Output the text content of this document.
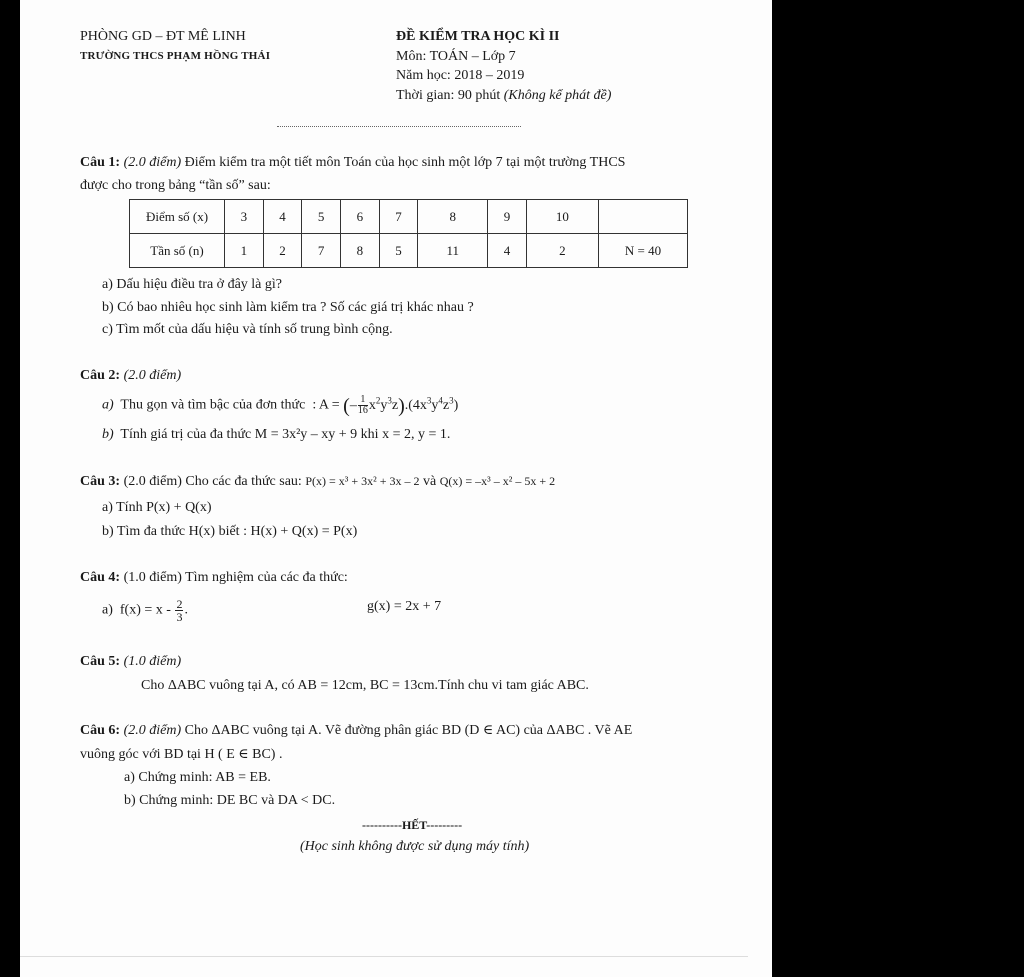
PHÒNG GD – ĐT MÊ LINH
TRƯỜNG THCS PHẠM HỒNG THÁI
ĐỀ KIỂM TRA HỌC KÌ II
Môn: TOÁN – Lớp 7
Năm học: 2018 – 2019
Thời gian: 90 phút (Không kể phát đề)
Câu 1: (2.0 điểm) Điểm kiểm tra một tiết môn Toán của học sinh một lớp 7 tại một trường THCS
được cho trong bảng “tần số” sau:
Điểm số (x)	3	4	5	6	7	8	9	10	
Tần số (n)	1	2	7	8	5	11	4	2	N = 40
a) Dấu hiệu điều tra ở đây là gì?
b) Có bao nhiêu học sinh làm kiểm tra ? Số các giá trị khác nhau ?
c) Tìm mốt của dấu hiệu và tính số trung bình cộng.
Câu 2: (2.0 điểm)
a) Thu gọn và tìm bậc của đơn thức : A = (– $\frac{1}{16} x^2y^3z).(4x^3y^4z^3)$
b) Tính giá trị của đa thức M = 3x²y – xy + 9 khi x = 2, y = 1.
Câu 3: (2.0 điểm) Cho các đa thức sau: P(x) = x³ + 3x² + 3x – 2 và Q(x) = –x³ – x² – 5x + 2
a) Tính P(x) + Q(x)
b) Tìm đa thức H(x) biết : H(x) + Q(x) = P(x)
Câu 4: (1.0 điểm) Tìm nghiệm của các đa thức:
a) $f(x) = x - \frac{2}{3}$ .	g(x) = 2x + 7
Câu 5: (1.0 điểm)
Cho ΔABC vuông tại A, có AB = 12cm, BC = 13cm.Tính chu vi tam giác ABC.
Câu 6: (2.0 điểm) Cho ΔABC vuông tại A. Vẽ đường phân giác BD (D ∈ AC) của ΔABC . Vẽ AE
vuông góc với BD tại H ( E ∈ BC) .
a) Chứng minh: AB = EB.
b) Chứng minh: DE BC và DA < DC.
----------HẾT---------
(Học sinh không được sử dụng máy tính)
